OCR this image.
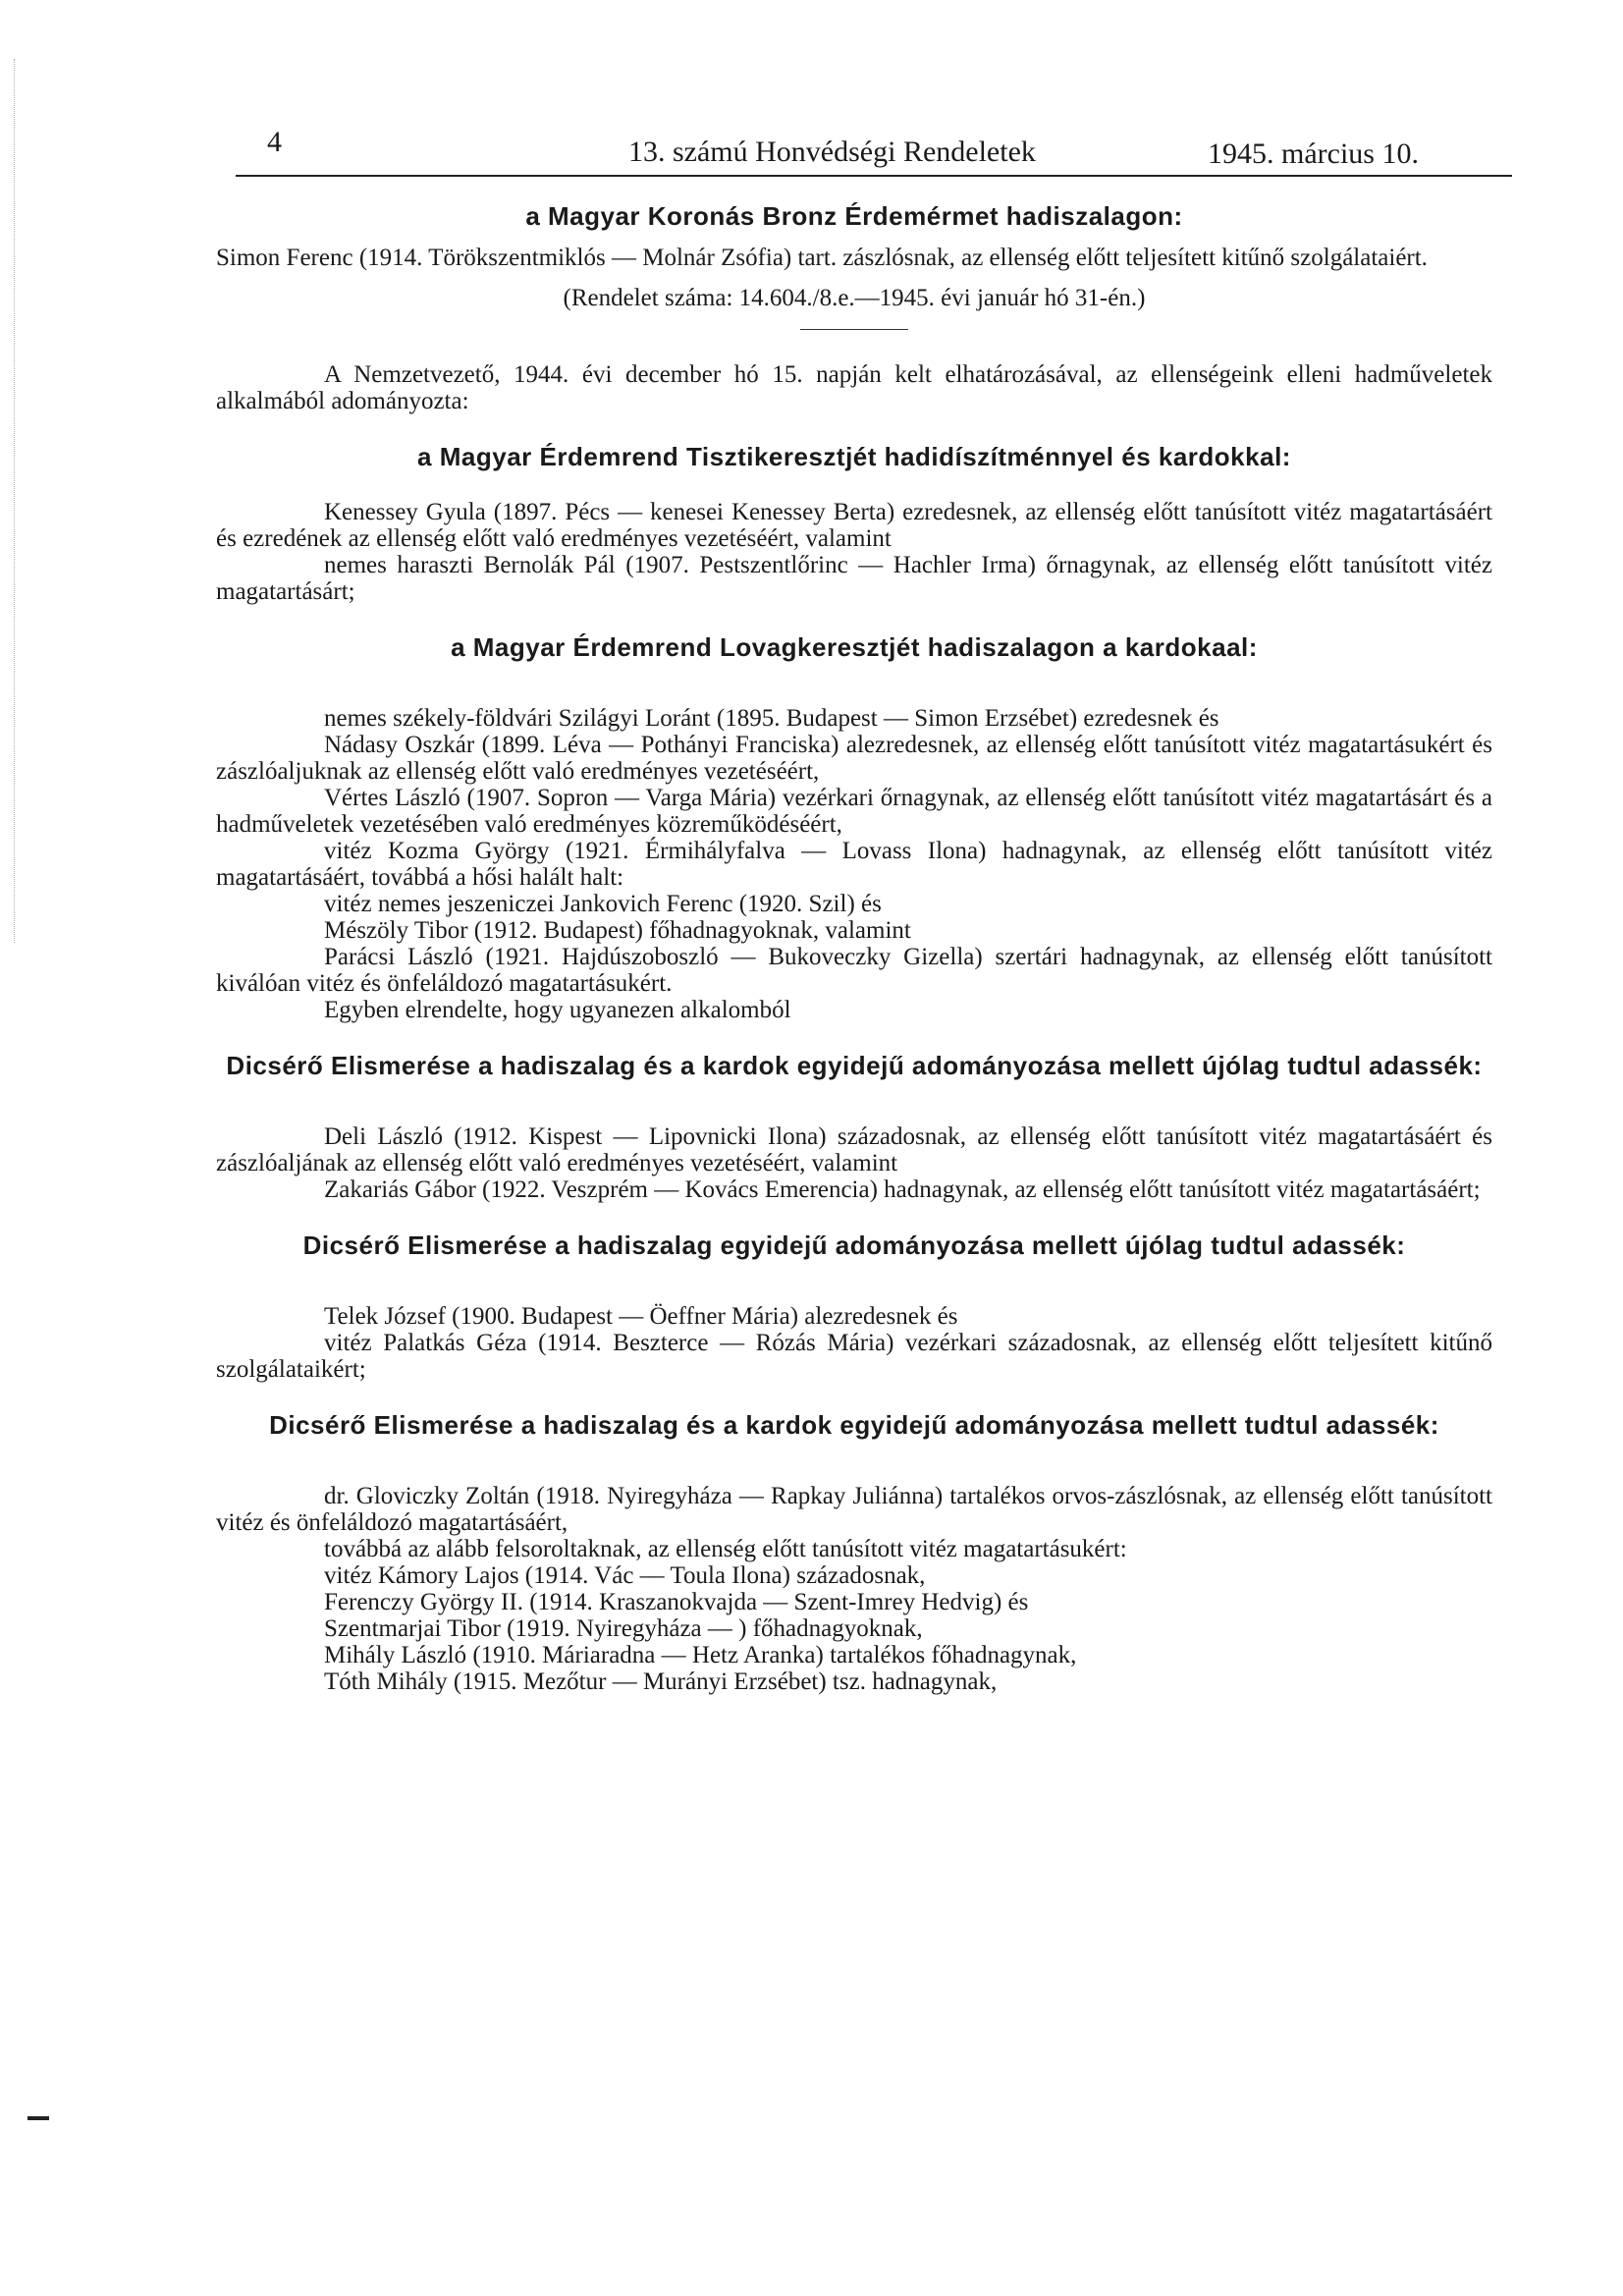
4	13. számú Honvédségi Rendeletek	1945. március 10.
a Magyar Koronás Bronz Érdemérmet hadiszalagon:

Simon Ferenc (1914. Törökszentmiklós — Molnár Zsófia) tart. zászlósnak, az ellenség előtt teljesített kitűnő szolgálataiért.

(Rendelet száma: 14.604./8.e.—1945. évi január hó 31-én.)

A Nemzetvezető, 1944. évi december hó 15. napján kelt elhatározásával, az ellenségeink elleni hadműveletek alkalmából adományozta:

a Magyar Érdemrend Tisztikeresztjét hadidíszítménnyel és kardokkal:

Kenessey Gyula (1897. Pécs — kenesei Kenessey Berta) ezredesnek, az ellenség előtt tanúsított vitéz magatartásáért és ezredének az ellenség előtt való eredményes vezetéséért, valamint

nemes haraszti Bernolák Pál (1907. Pestszentlőrinc — Hachler Irma) őrnagynak, az ellenség előtt tanúsított vitéz magatartásárt;

a Magyar Érdemrend Lovagkeresztjét hadiszalagon a kardokaal:

nemes székely-földvári Szilágyi Loránt (1895. Budapest — Simon Erzsébet) ezredesnek és

Nádasy Oszkár (1899. Léva — Pothányi Franciska) alezredesnek, az ellenség előtt tanúsított vitéz magatartásukért és zászlóaljuknak az ellenség előtt való eredményes vezetéséért,

Vértes László (1907. Sopron — Varga Mária) vezérkari őrnagynak, az ellenség előtt tanúsított vitéz magatartásárt és a hadműveletek vezetésében való eredményes közreműködéséért,

vitéz Kozma György (1921. Érmihályfalva — Lovass Ilona) hadnagynak, az ellenség előtt tanúsított vitéz magatartásáért, továbbá a hősi halált halt:

vitéz nemes jeszeniczei Jankovich Ferenc (1920. Szil) és

Mészöly Tibor (1912. Budapest) főhadnagyoknak, valamint

Parácsi László (1921. Hajdúszoboszló — Bukoveczky Gizella) szertári hadnagynak, az ellenség előtt tanúsított kiválóan vitéz és önfeláldozó magatartásukért.

Egyben elrendelte, hogy ugyanezen alkalomból

Dicsérő Elismerése a hadiszalag és a kardok egyidejű adományozása mellett újólag tudtul adassék:

Deli László (1912. Kispest — Lipovnicki Ilona) századosnak, az ellenség előtt tanúsított vitéz magatartásáért és zászlóaljának az ellenség előtt való eredményes vezetéséért, valamint

Zakariás Gábor (1922. Veszprém — Kovács Emerencia) hadnagynak, az ellenség előtt tanúsított vitéz magatartásáért;

Dicsérő Elismerése a hadiszalag egyidejű adományozása mellett újólag tudtul adassék:

Telek József (1900. Budapest — Öeffner Mária) alezredesnek és

vitéz Palatkás Géza (1914. Beszterce — Rózás Mária) vezérkari századosnak, az ellenség előtt teljesített kitűnő szolgálataikért;

Dicsérő Elismerése a hadiszalag és a kardok egyidejű adományozása mellett tudtul adassék:

dr. Gloviczky Zoltán (1918. Nyiregyháza — Rapkay Juliánna) tartalékos orvos-zászlósnak, az ellenség előtt tanúsított vitéz és önfeláldozó magatartásáért,

továbbá az alább felsoroltaknak, az ellenség előtt tanúsított vitéz magatartásukért:

vitéz Kámory Lajos (1914. Vác — Toula Ilona) századosnak,

Ferenczy György II. (1914. Kraszanokvajda — Szent-Imrey Hedvig) és

Szentmarjai Tibor (1919. Nyiregyháza — ) főhadnagyoknak,

Mihály László (1910. Máriaradna — Hetz Aranka) tartalékos főhadnagynak,

Tóth Mihály (1915. Mezőtur — Murányi Erzsébet) tsz. hadnagynak,
